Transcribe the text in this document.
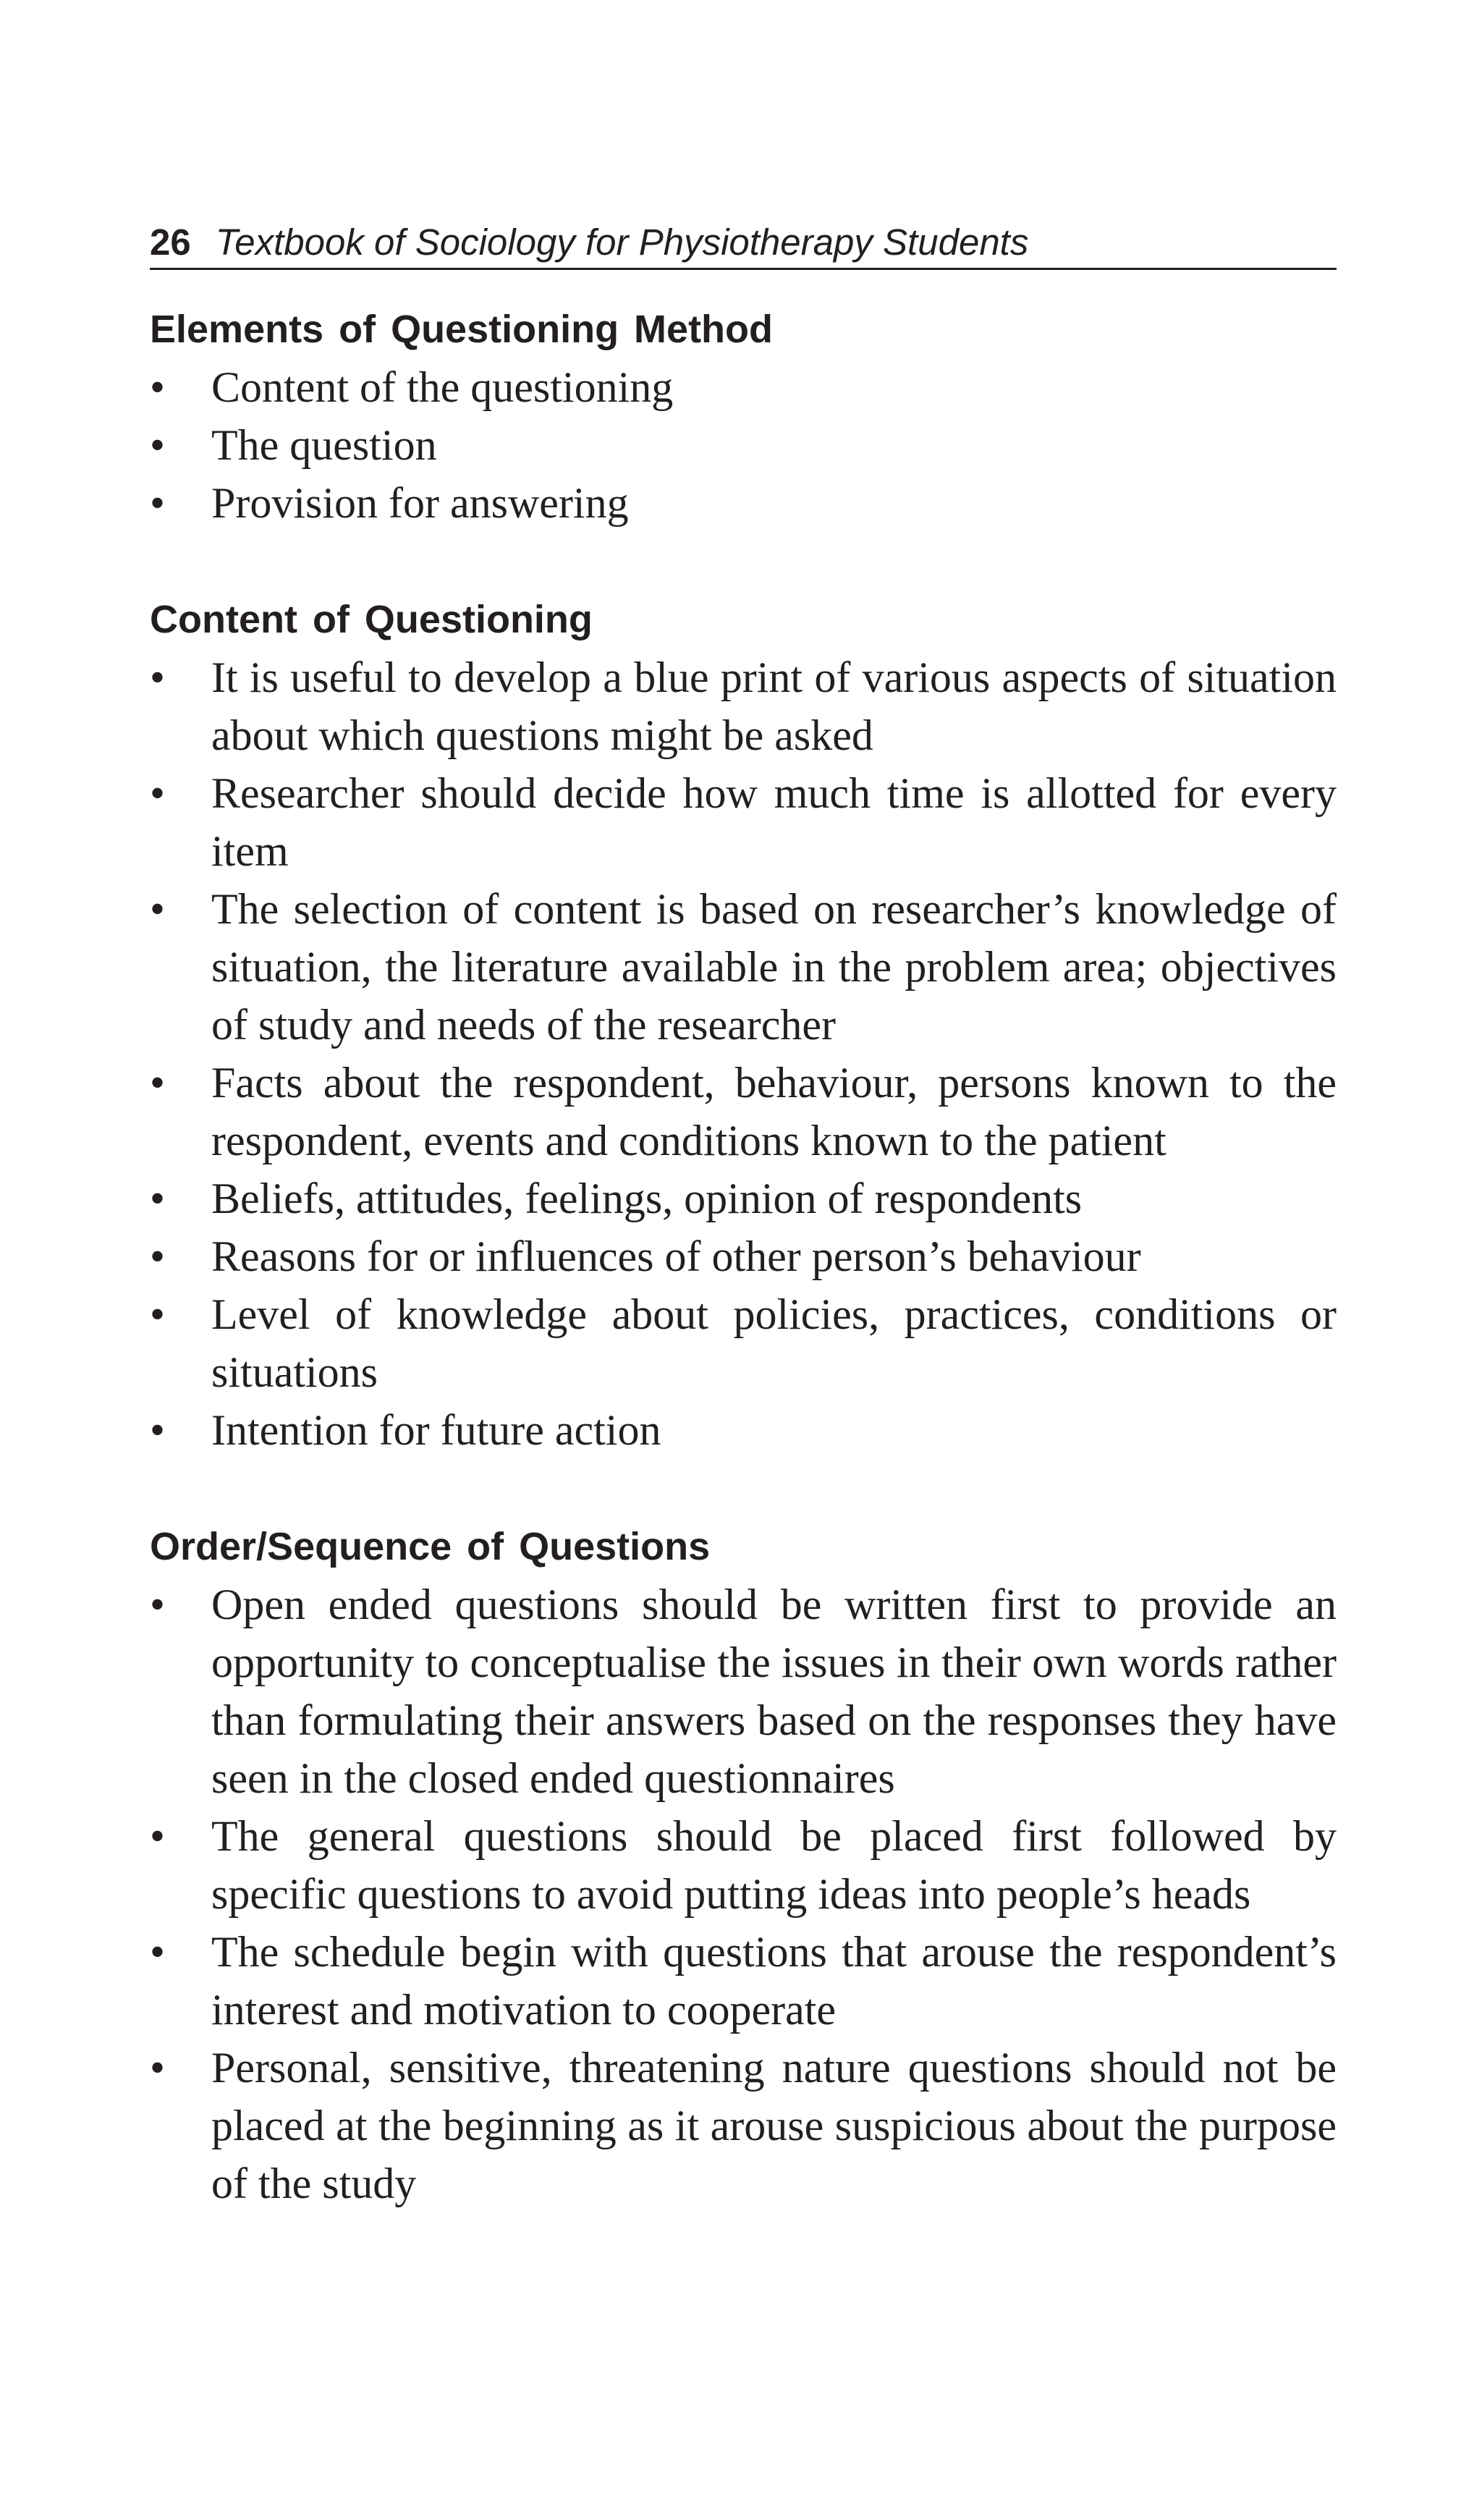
26 Textbook of Sociology for Physiotherapy Students
Elements of Questioning Method
•	Content of the questioning
•	The question
•	Provision for answering
Content of Questioning
•	It is useful to develop a blue print of various aspects of situation about which questions might be asked
•	Researcher should decide how much time is allotted for every item
•	The selection of content is based on researcher’s knowledge of situation, the literature available in the problem area; objectives of study and needs of the researcher
•	Facts about the respondent, behaviour, persons known to the respondent, events and conditions known to the patient
•	Beliefs, attitudes, feelings, opinion of respondents
•	Reasons for or influences of other person’s behaviour
•	Level of knowledge about policies, practices, conditions or situations
•	Intention for future action
Order/Sequence of Questions
•	Open ended questions should be written first to provide an opportunity to conceptualise the issues in their own words rather than formulating their answers based on the responses they have seen in the closed ended questionnaires
•	The general questions should be placed first followed by specific questions to avoid putting ideas into people’s heads
•	The schedule begin with questions that arouse the respondent’s interest and motivation to cooperate
•	Personal, sensitive, threatening nature questions should not be placed at the beginning as it arouse suspicious about the purpose of the study
